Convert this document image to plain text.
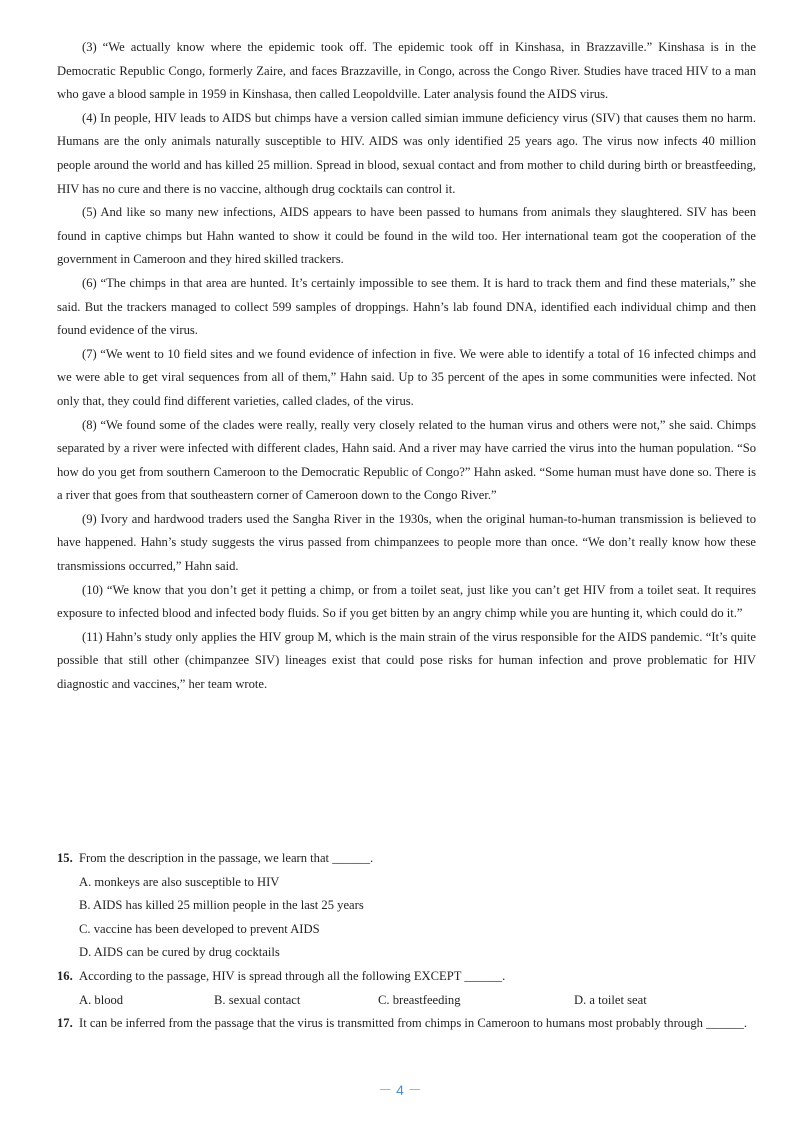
(3) “We actually know where the epidemic took off. The epidemic took off in Kinshasa, in Brazzaville.” Kinshasa is in the Democratic Republic Congo, formerly Zaire, and faces Brazzaville, in Congo, across the Congo River. Studies have traced HIV to a man who gave a blood sample in 1959 in Kinshasa, then called Leopoldville. Later analysis found the AIDS virus.

(4) In people, HIV leads to AIDS but chimps have a version called simian immune deficiency virus (SIV) that causes them no harm. Humans are the only animals naturally susceptible to HIV. AIDS was only identified 25 years ago. The virus now infects 40 million people around the world and has killed 25 million. Spread in blood, sexual contact and from mother to child during birth or breastfeeding, HIV has no cure and there is no vaccine, although drug cocktails can control it.

(5) And like so many new infections, AIDS appears to have been passed to humans from animals they slaughtered. SIV has been found in captive chimps but Hahn wanted to show it could be found in the wild too. Her international team got the cooperation of the government in Cameroon and they hired skilled trackers.

(6) “The chimps in that area are hunted. It’s certainly impossible to see them. It is hard to track them and find these materials,” she said. But the trackers managed to collect 599 samples of droppings. Hahn’s lab found DNA, identified each individual chimp and then found evidence of the virus.

(7) “We went to 10 field sites and we found evidence of infection in five. We were able to identify a total of 16 infected chimps and we were able to get viral sequences from all of them,” Hahn said. Up to 35 percent of the apes in some communities were infected. Not only that, they could find different varieties, called clades, of the virus.

(8) “We found some of the clades were really, really very closely related to the human virus and others were not,” she said. Chimps separated by a river were infected with different clades, Hahn said. And a river may have carried the virus into the human population. “So how do you get from southern Cameroon to the Democratic Republic of Congo?” Hahn asked. “Some human must have done so. There is a river that goes from that southeastern corner of Cameroon down to the Congo River.”

(9) Ivory and hardwood traders used the Sangha River in the 1930s, when the original human-to-human transmission is believed to have happened. Hahn’s study suggests the virus passed from chimpanzees to people more than once. “We don’t really know how these transmissions occurred,” Hahn said.

(10) “We know that you don’t get it petting a chimp, or from a toilet seat, just like you can’t get HIV from a toilet seat. It requires exposure to infected blood and infected body fluids. So if you get bitten by an angry chimp while you are hunting it, which could do it.”

(11) Hahn’s study only applies the HIV group M, which is the main strain of the virus responsible for the AIDS pandemic. “It’s quite possible that still other (chimpanzee SIV) lineages exist that could pose risks for human infection and prove problematic for HIV diagnostic and vaccines,” her team wrote.

15. From the description in the passage, we learn that ______.

A. monkeys are also susceptible to HIV

B. AIDS has killed 25 million people in the last 25 years

C. vaccine has been developed to prevent AIDS

D. AIDS can be cured by drug cocktails

16. According to the passage, HIV is spread through all the following EXCEPT ______.

A. blood	B. sexual contact	C. breastfeeding	D. a toilet seat

17. It can be inferred from the passage that the virus is transmitted from chimps in Cameroon to humans most probably through ______.

－ 4 －
